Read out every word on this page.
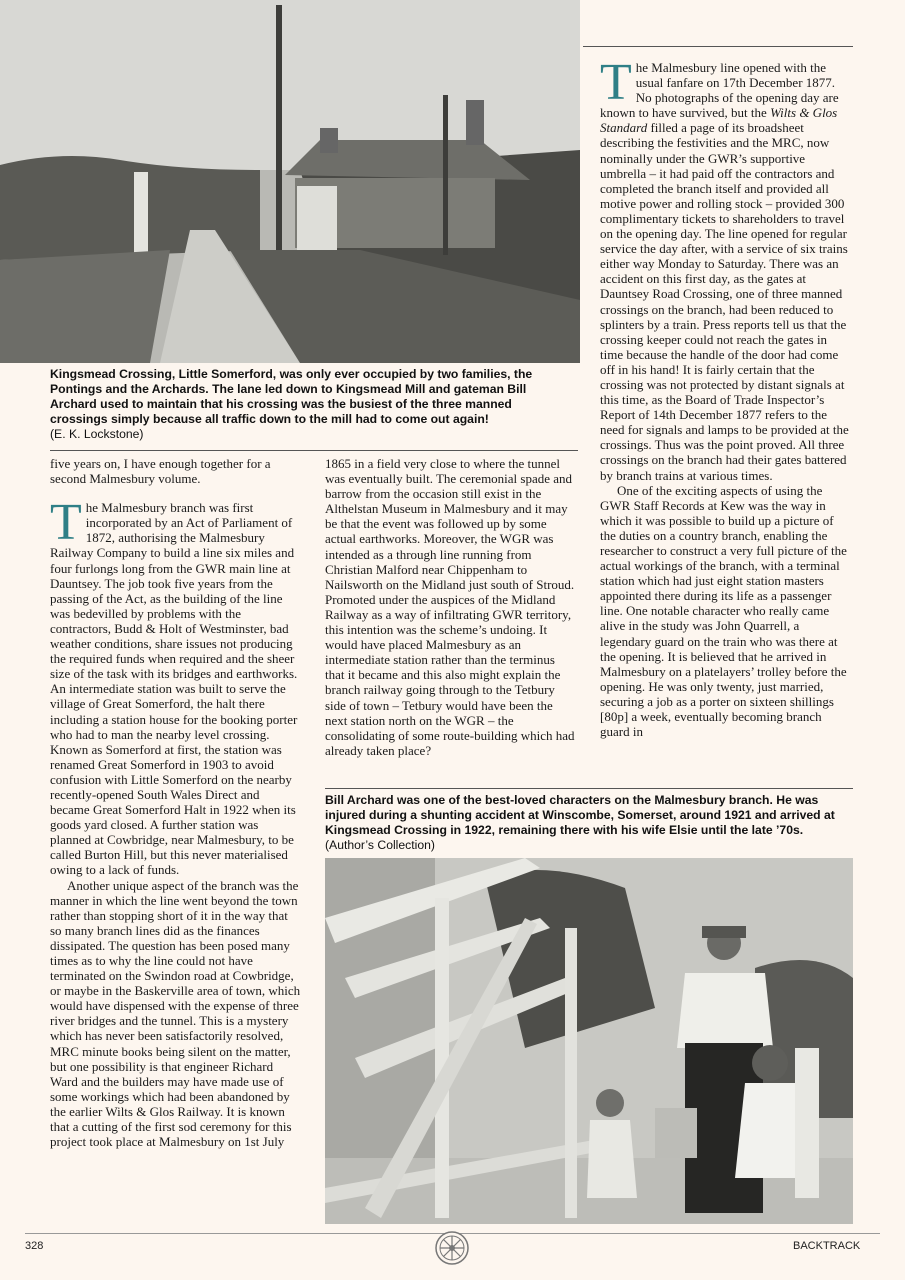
Kingsmead Crossing, Little Somerford, was only ever occupied by two families, the Pontings and the Archards. The lane led down to Kingsmead Mill and gateman Bill Archard used to maintain that his crossing was the busiest of the three manned crossings simply because all traffic down to the mill had to come out again!
(E. K. Lockstone)

five years on, I have enough together for a second Malmesbury volume.

The Malmesbury branch was first incorporated by an Act of Parliament of 1872, authorising the Malmesbury Railway Company to build a line six miles and four furlongs long from the GWR main line at Dauntsey. The job took five years from the passing of the Act, as the building of the line was bedevilled by problems with the contractors, Budd & Holt of Westminster, bad weather conditions, share issues not producing the required funds when required and the sheer size of the task with its bridges and earthworks. An intermediate station was built to serve the village of Great Somerford, the halt there including a station house for the booking porter who had to man the nearby level crossing. Known as Somerford at first, the station was renamed Great Somerford in 1903 to avoid confusion with Little Somerford on the nearby recently-opened South Wales Direct and became Great Somerford Halt in 1922 when its goods yard closed. A further station was planned at Cowbridge, near Malmesbury, to be called Burton Hill, but this never materialised owing to a lack of funds.

Another unique aspect of the branch was the manner in which the line went beyond the town rather than stopping short of it in the way that so many branch lines did as the finances dissipated. The question has been posed many times as to why the line could not have terminated on the Swindon road at Cowbridge, or maybe in the Baskerville area of town, which would have dispensed with the expense of three river bridges and the tunnel. This is a mystery which has never been satisfactorily resolved, MRC minute books being silent on the matter, but one possibility is that engineer Richard Ward and the builders may have made use of some workings which had been abandoned by the earlier Wilts & Glos Railway. It is known that a cutting of the first sod ceremony for this project took place at Malmesbury on 1st July

1865 in a field very close to where the tunnel was eventually built. The ceremonial spade and barrow from the occasion still exist in the Althelstan Museum in Malmesbury and it may be that the event was followed up by some actual earthworks. Moreover, the WGR was intended as a through line running from Christian Malford near Chippenham to Nailsworth on the Midland just south of Stroud. Promoted under the auspices of the Midland Railway as a way of infiltrating GWR territory, this intention was the scheme’s undoing. It would have placed Malmesbury as an intermediate station rather than the terminus that it became and this also might explain the branch railway going through to the Tetbury side of town – Tetbury would have been the next station north on the WGR – the consolidating of some route-building which had already taken place?

The Malmesbury line opened with the usual fanfare on 17th December 1877. No photographs of the opening day are known to have survived, but the Wilts & Glos Standard filled a page of its broadsheet describing the festivities and the MRC, now nominally under the GWR’s supportive umbrella – it had paid off the contractors and completed the branch itself and provided all motive power and rolling stock – provided 300 complimentary tickets to shareholders to travel on the opening day. The line opened for regular service the day after, with a service of six trains either way Monday to Saturday. There was an accident on this first day, as the gates at Dauntsey Road Crossing, one of three manned crossings on the branch, had been reduced to splinters by a train. Press reports tell us that the crossing keeper could not reach the gates in time because the handle of the door had come off in his hand! It is fairly certain that the crossing was not protected by distant signals at this time, as the Board of Trade Inspector’s Report of 14th December 1877 refers to the need for signals and lamps to be provided at the crossings. Thus was the point proved. All three crossings on the branch had their gates battered by branch trains at various times.

One of the exciting aspects of using the GWR Staff Records at Kew was the way in which it was possible to build up a picture of the duties on a country branch, enabling the researcher to construct a very full picture of the actual workings of the branch, with a terminal station which had just eight station masters appointed there during its life as a passenger line. One notable character who really came alive in the study was John Quarrell, a legendary guard on the train who was there at the opening. It is believed that he arrived in Malmesbury on a platelayers’ trolley before the opening. He was only twenty, just married, securing a job as a porter on sixteen shillings [80p] a week, eventually becoming branch guard in

Bill Archard was one of the best-loved characters on the Malmesbury branch. He was injured during a shunting accident at Winscombe, Somerset, around 1921 and arrived at Kingsmead Crossing in 1922, remaining there with his wife Elsie until the late ’70s.
(Author’s Collection)
328	BACKTRACK
